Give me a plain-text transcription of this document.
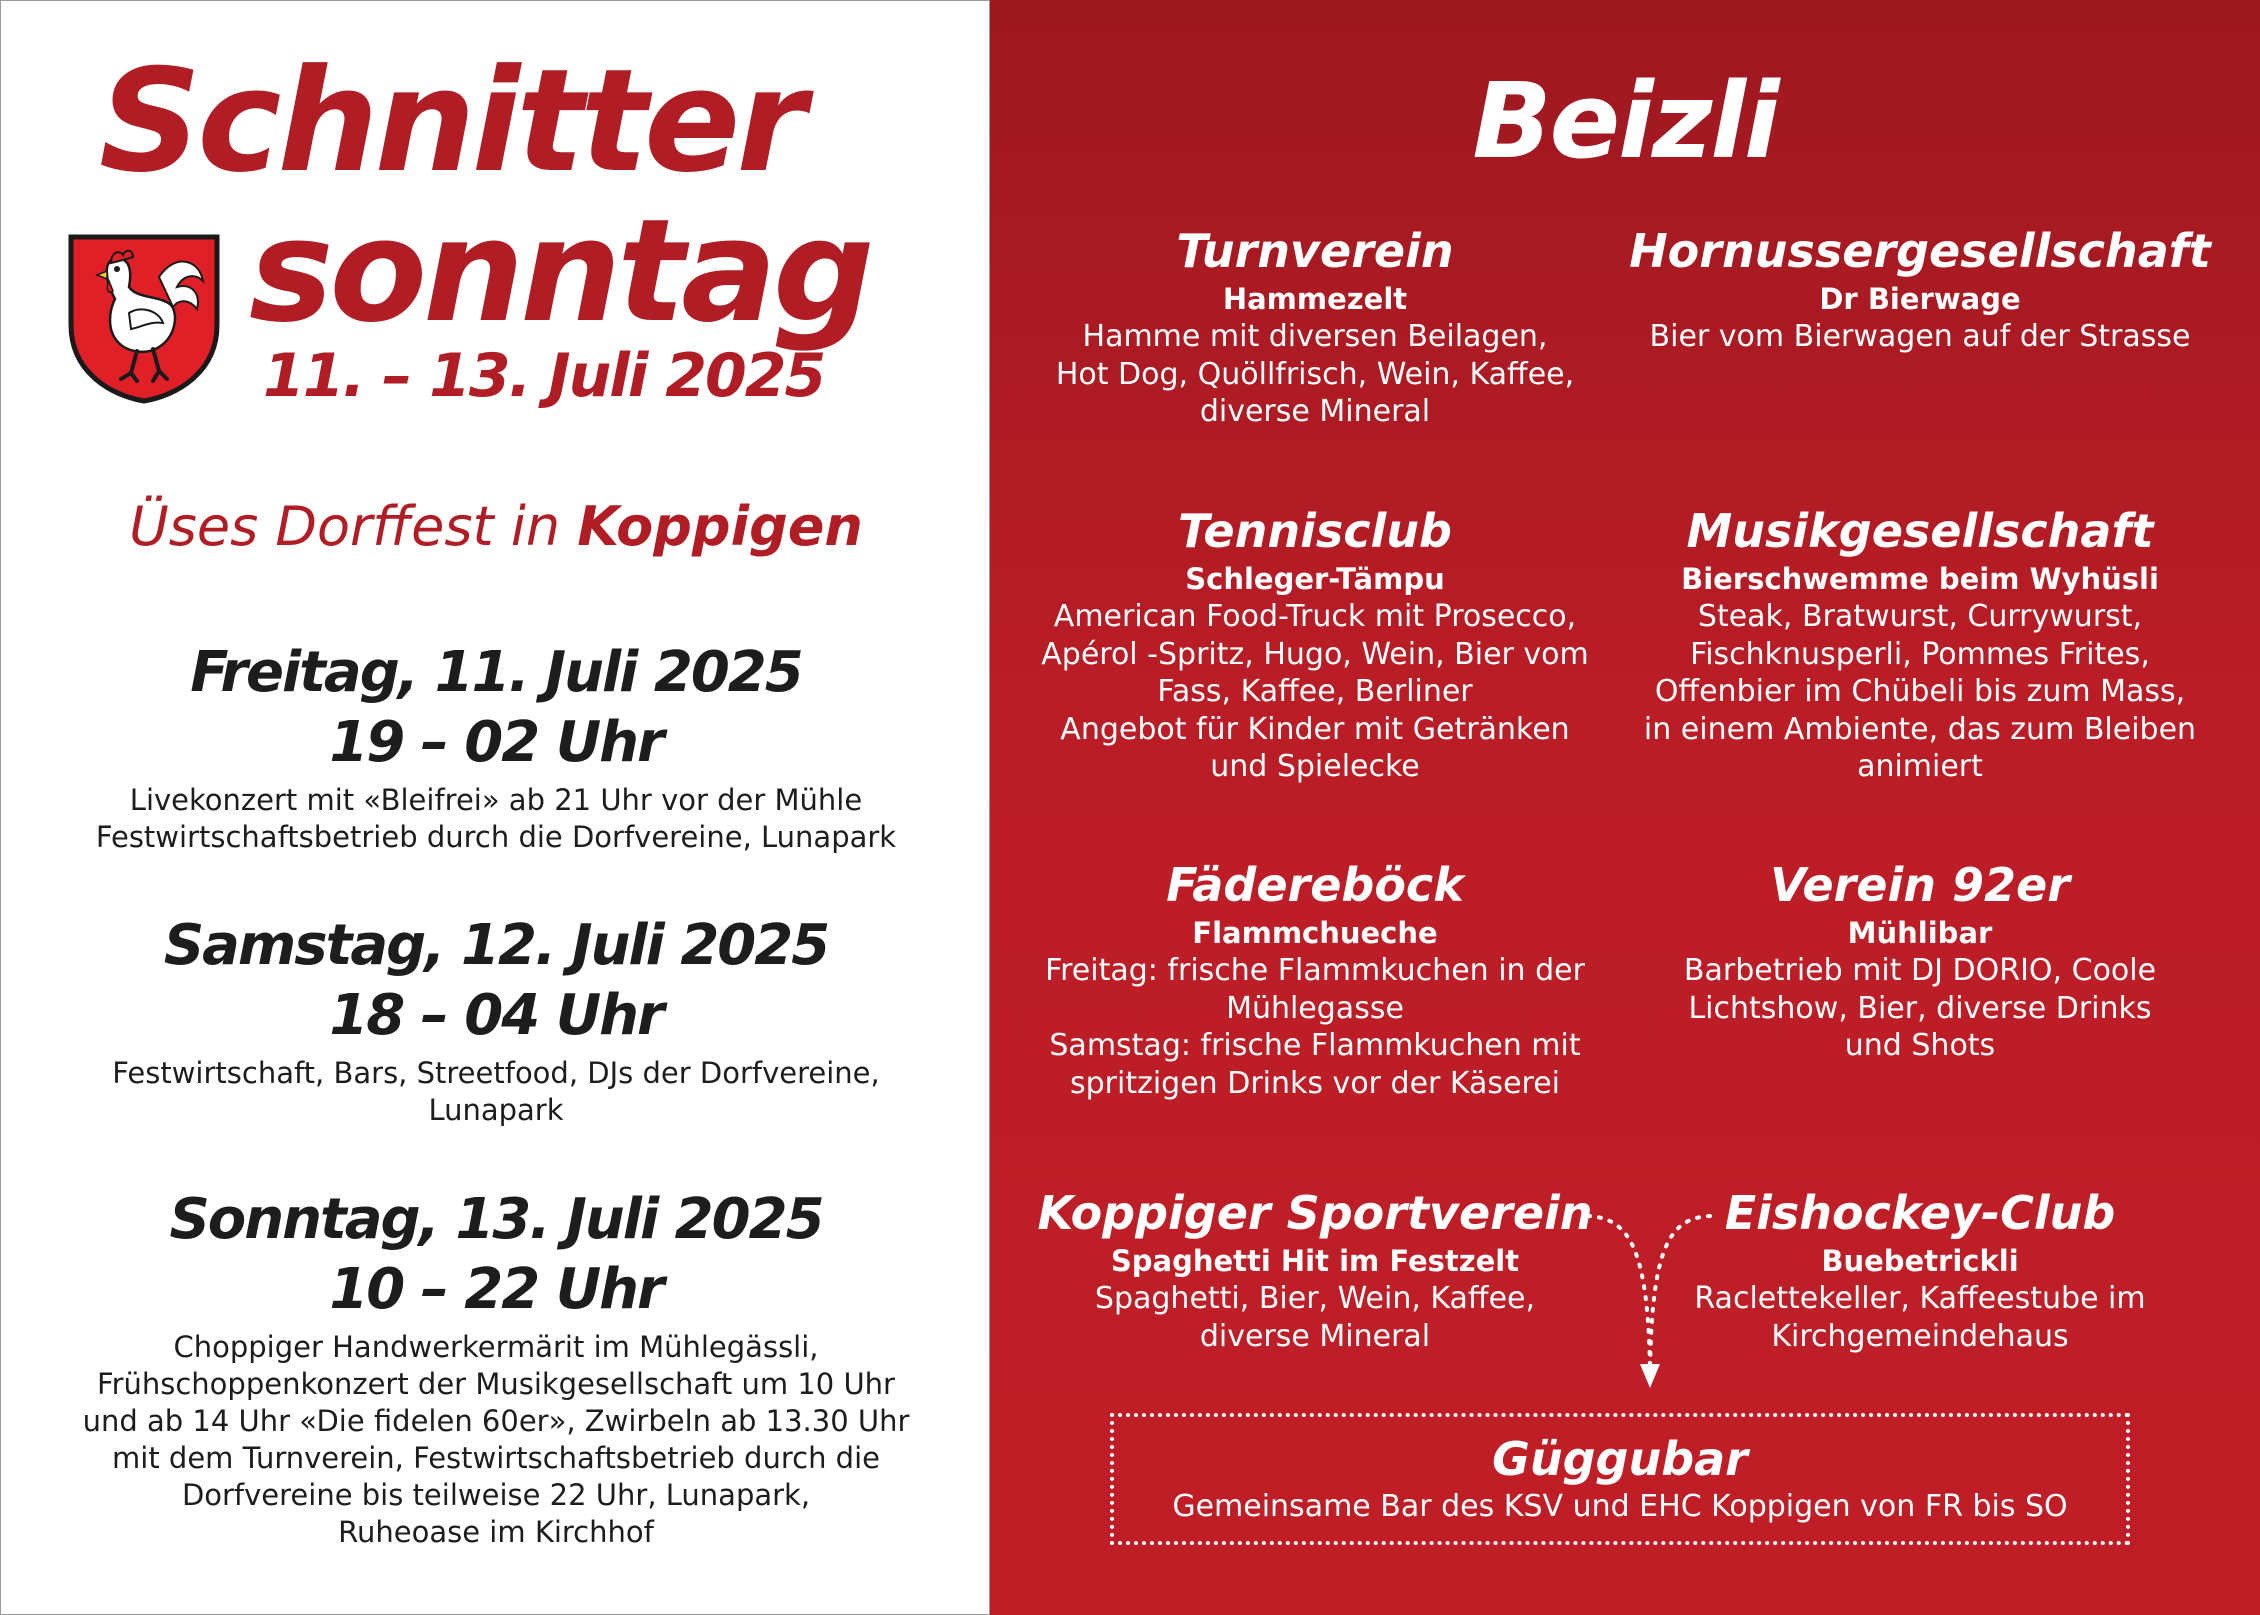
Schnitter
sonntag
11. – 13. Juli 2025
Üses Dorffest in Koppigen
Freitag, 11. Juli 2025
19 – 02 Uhr

Livekonzert mit «Bleifrei» ab 21 Uhr vor der Mühle
Festwirtschaftsbetrieb durch die Dorfvereine, Lunapark

Samstag, 12. Juli 2025
18 – 04 Uhr

Festwirtschaft, Bars, Streetfood, DJs der Dorfvereine,
Lunapark

Sonntag, 13. Juli 2025
10 – 22 Uhr

Choppiger Handwerkermärit im Mühlegässli,
Frühschoppenkonzert der Musikgesellschaft um 10 Uhr
und ab 14 Uhr «Die fidelen 60er», Zwirbeln ab 13.30 Uhr
mit dem Turnverein, Festwirtschaftsbetrieb durch die
Dorfvereine bis teilweise 22 Uhr, Lunapark,
Ruheoase im Kirchhof

Beizli
Turnverein
Hammezelt
Hamme mit diversen Beilagen,
Hot Dog, Quöllfrisch, Wein, Kaffee,
diverse Mineral
Hornussergesellschaft
Dr Bierwage
Bier vom Bierwagen auf der Strasse
Tennisclub
Schleger-Tämpu
American Food-Truck mit Prosecco,
Apérol -Spritz, Hugo, Wein, Bier vom
Fass, Kaffee, Berliner
Angebot für Kinder mit Getränken
und Spielecke
Musikgesellschaft
Bierschwemme beim Wyhüsli
Steak, Bratwurst, Currywurst,
Fischknusperli, Pommes Frites,
Offenbier im Chübeli bis zum Mass,
in einem Ambiente, das zum Bleiben
animiert
Fädereböck
Flammchueche
Freitag: frische Flammkuchen in der
Mühlegasse
Samstag: frische Flammkuchen mit
spritzigen Drinks vor der Käserei
Verein 92er
Mühlibar
Barbetrieb mit DJ DORIO, Coole
Lichtshow, Bier, diverse Drinks
und Shots
Koppiger Sportverein
Spaghetti Hit im Festzelt
Spaghetti, Bier, Wein, Kaffee,
diverse Mineral
Eishockey-Club
Buebetrickli
Raclettekeller, Kaffeestube im
Kirchgemeindehaus
Güggubar
Gemeinsame Bar des KSV und EHC Koppigen von FR bis SO
